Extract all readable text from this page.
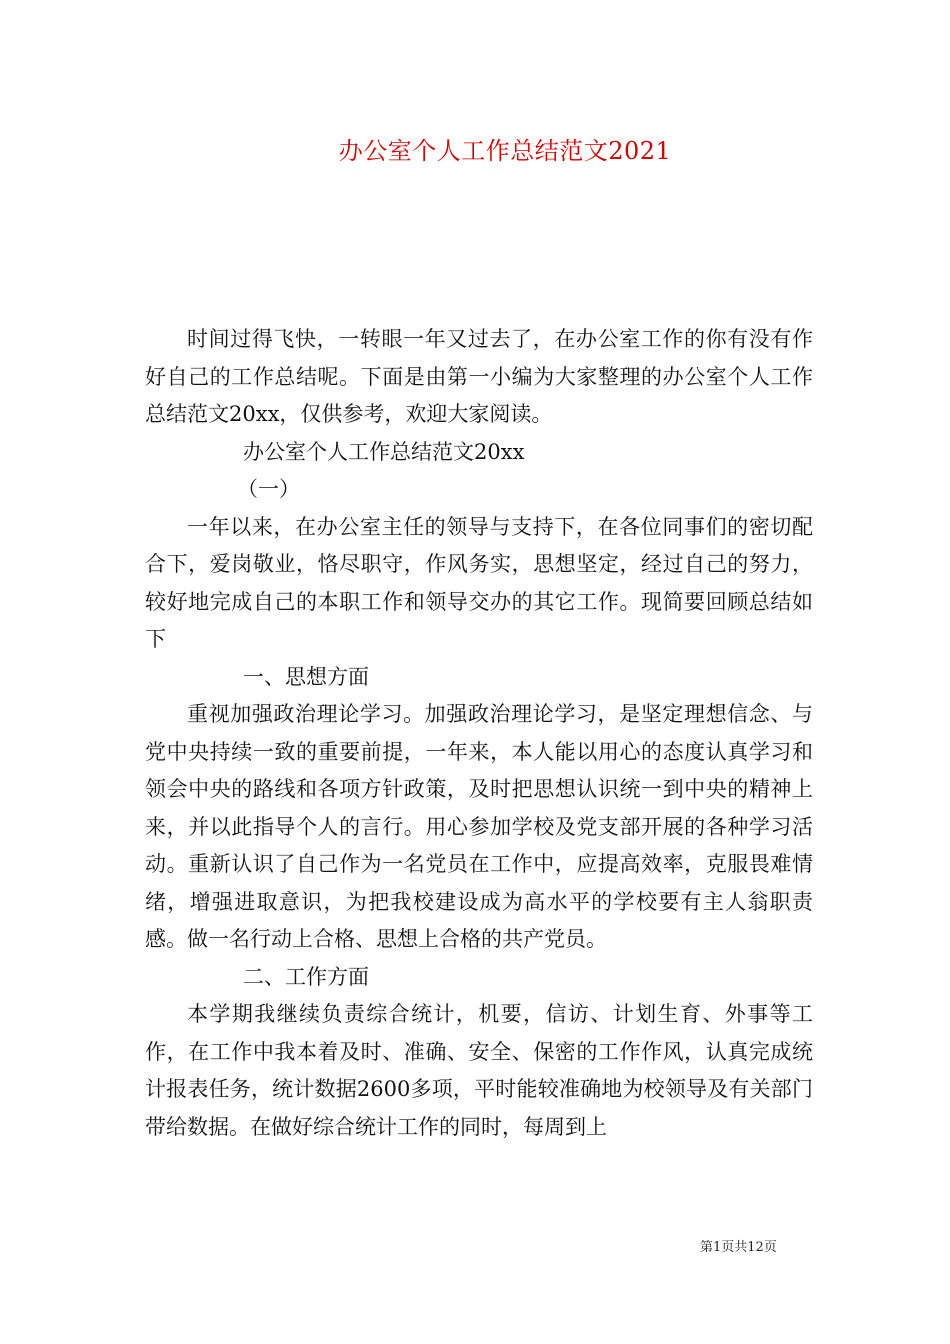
办公室个人工作总结范文2021

时间过得飞快，一转眼一年又过去了，在办公室工作的你有没有作好自己的工作总结呢。下面是由第一小编为大家整理的办公室个人工作总结范文20xx，仅供参考，欢迎大家阅读。

办公室个人工作总结范文20xx

（一）

一年以来，在办公室主任的领导与支持下，在各位同事们的密切配合下，爱岗敬业，恪尽职守，作风务实，思想坚定，经过自己的努力，较好地完成自己的本职工作和领导交办的其它工作。现简要回顾总结如下

一、思想方面

重视加强政治理论学习。加强政治理论学习，是坚定理想信念、与党中央持续一致的重要前提，一年来，本人能以用心的态度认真学习和领会中央的路线和各项方针政策，及时把思想认识统一到中央的精神上来，并以此指导个人的言行。用心参加学校及党支部开展的各种学习活动。重新认识了自己作为一名党员在工作中，应提高效率，克服畏难情绪，增强进取意识，为把我校建设成为高水平的学校要有主人翁职责感。做一名行动上合格、思想上合格的共产党员。

二、工作方面

本学期我继续负责综合统计，机要，信访、计划生育、外事等工作，在工作中我本着及时、准确、安全、保密的工作作风，认真完成统计报表任务，统计数据2600多项，平时能较准确地为校领导及有关部门带给数据。在做好综合统计工作的同时，每周到上

第1页共12页
